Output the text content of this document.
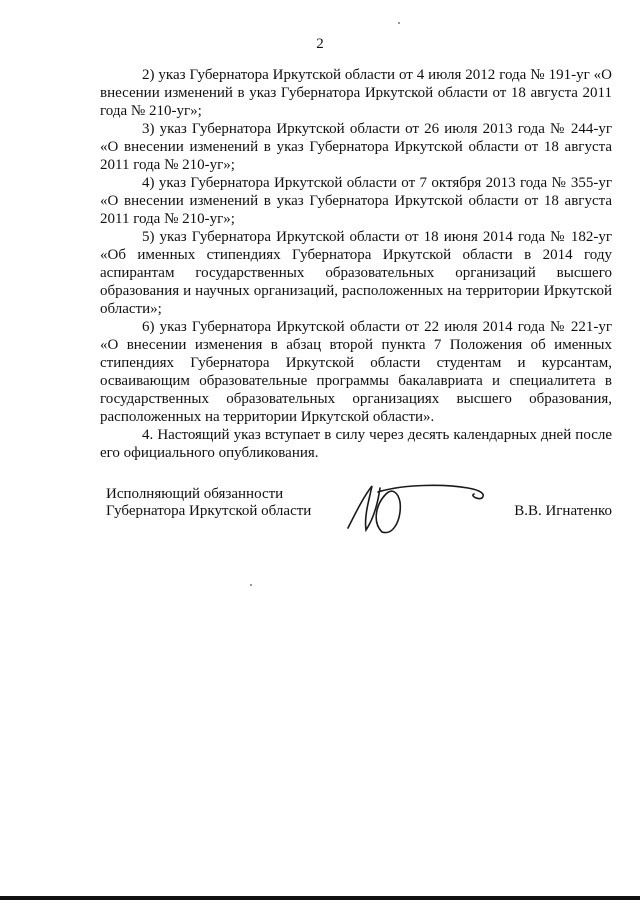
2

2) указ Губернатора Иркутской области от 4 июля 2012 года № 191-уг «О внесении изменений в указ Губернатора Иркутской области от 18 августа 2011 года № 210-уг»;

3) указ Губернатора Иркутской области от 26 июля 2013 года № 244-уг «О внесении изменений в указ Губернатора Иркутской области от 18 августа 2011 года № 210-уг»;

4) указ Губернатора Иркутской области от 7 октября 2013 года № 355-уг «О внесении изменений в указ Губернатора Иркутской области от 18 августа 2011 года № 210-уг»;

5) указ Губернатора Иркутской области от 18 июня 2014 года № 182-уг «Об именных стипендиях Губернатора Иркутской области в 2014 году аспирантам государственных образовательных организаций высшего образования и научных организаций, расположенных на территории Иркутской области»;

6) указ Губернатора Иркутской области от 22 июля 2014 года № 221-уг «О внесении изменения в абзац второй пункта 7 Положения об именных стипендиях Губернатора Иркутской области студентам и курсантам, осваивающим образовательные программы бакалавриата и специалитета в государственных образовательных организациях высшего образования, расположенных на территории Иркутской области».

4. Настоящий указ вступает в силу через десять календарных дней после его официального опубликования.

Исполняющий обязанности
Губернатора Иркутской области	В.В. Игнатенко
